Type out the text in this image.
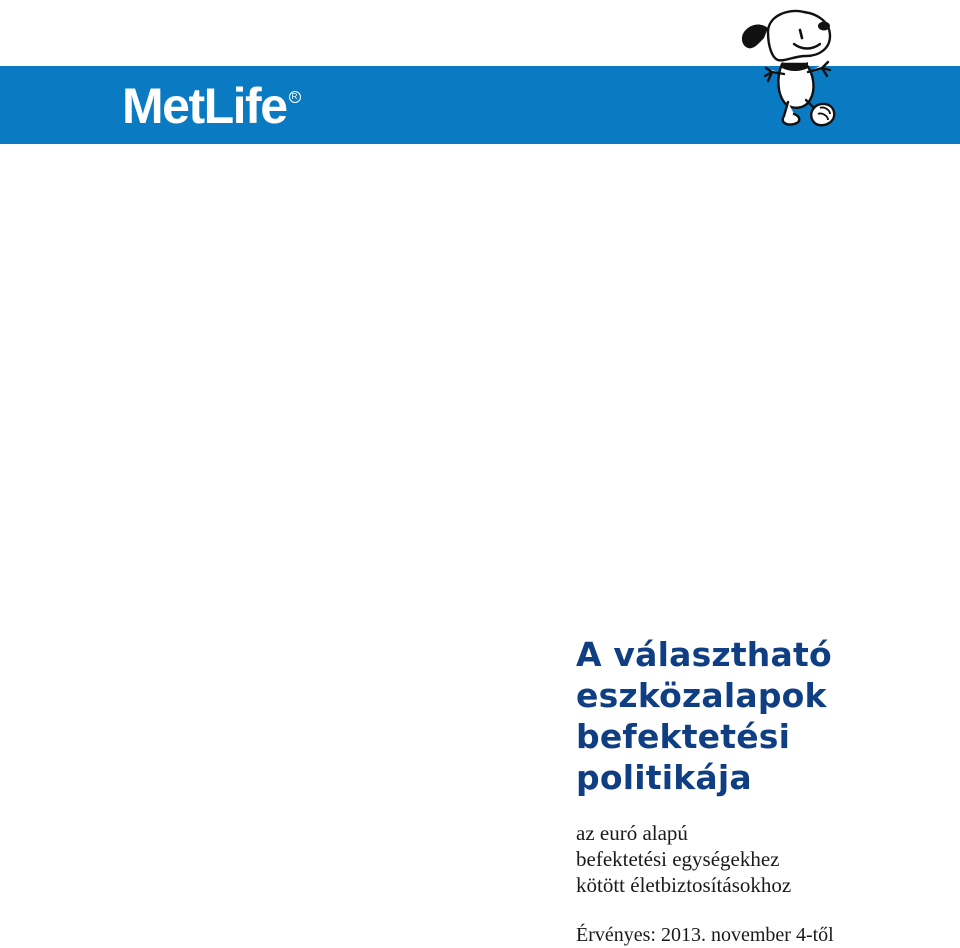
MetLife R
A választható
eszközalapok
befektetési
politikája
az euró alapú
befektetési egységekhez
kötött életbiztosításokhoz
Érvényes: 2013. november 4-től
